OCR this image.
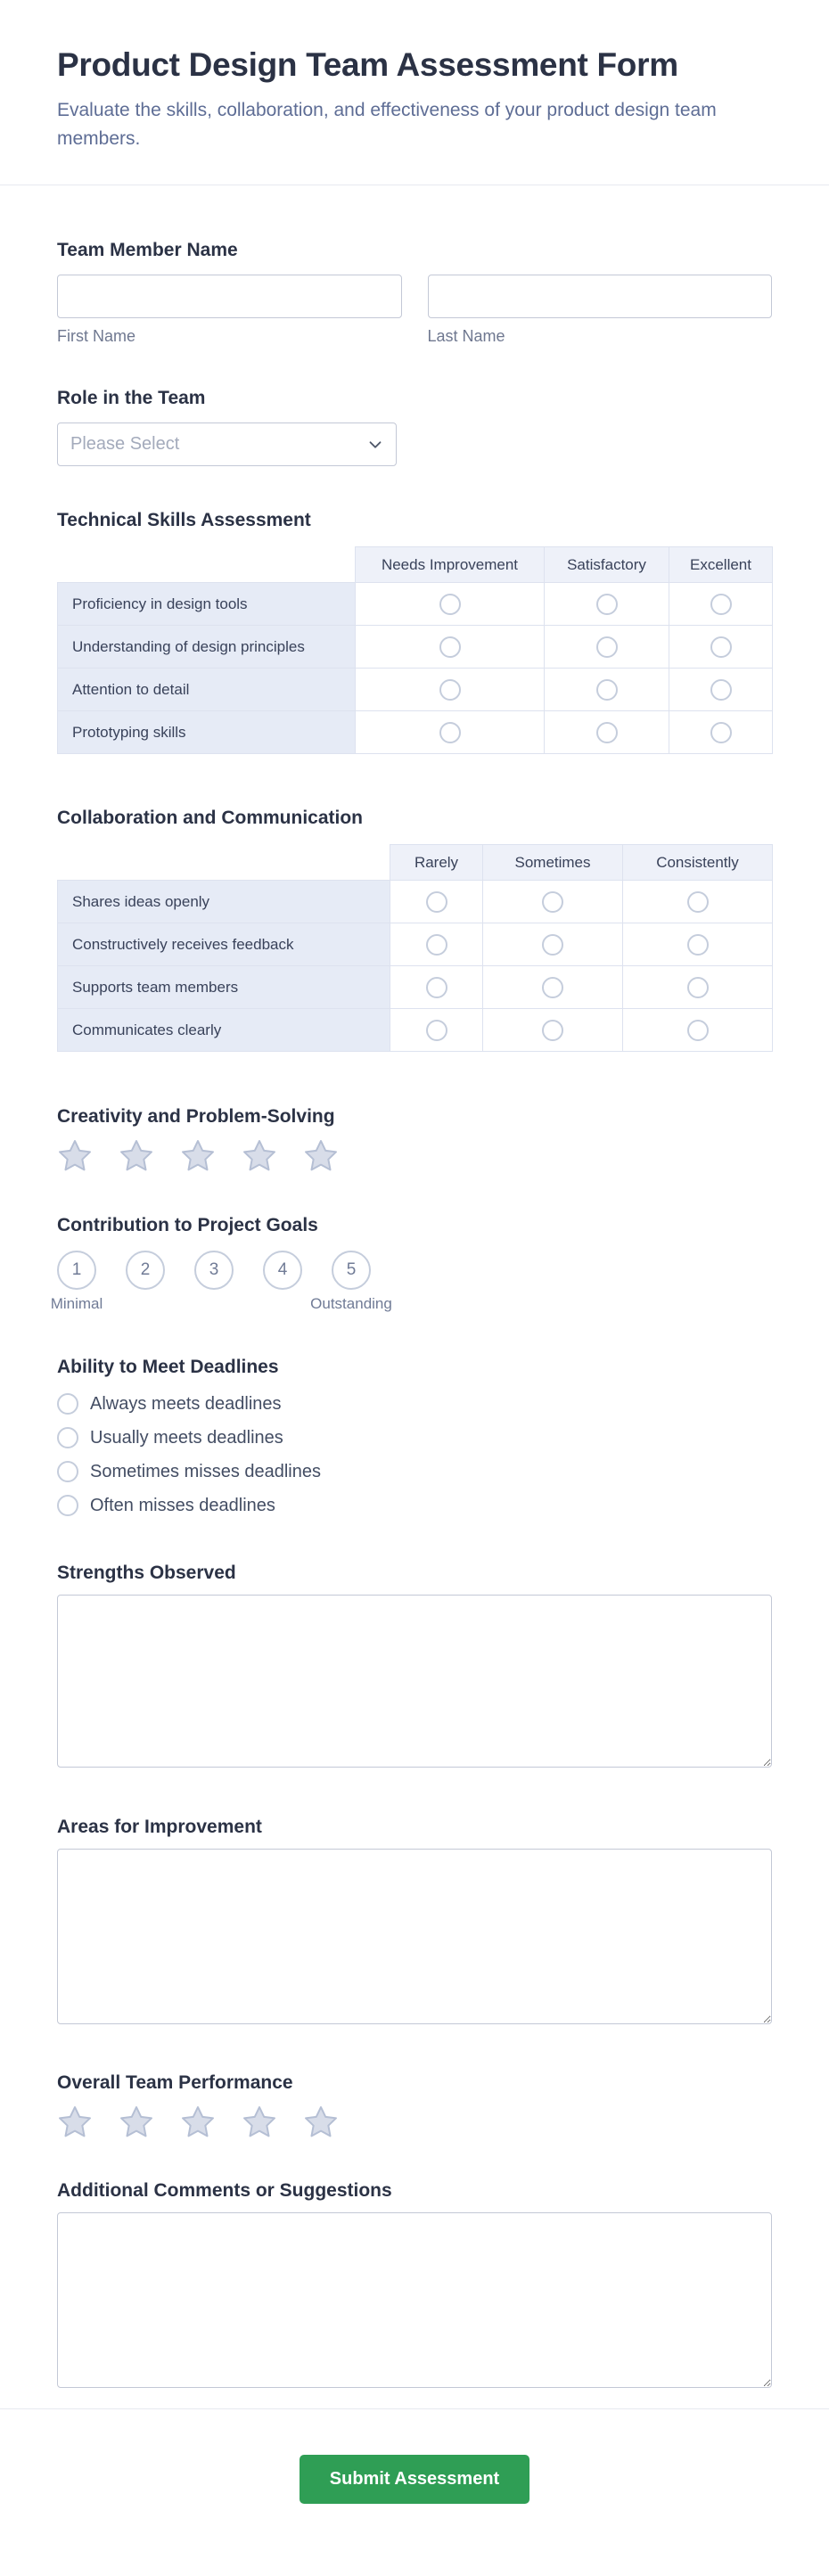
Product Design Team Assessment Form

Evaluate the skills, collaboration, and effectiveness of your product design team members.

Team Member Name
First Name	Last Name
Role in the Team
Please Select
Technical Skills Assessment
	Needs Improvement	Satisfactory	Excellent
Proficiency in design tools			
Understanding of design principles			
Attention to detail			
Prototyping skills			
Collaboration and Communication
	Rarely	Sometimes	Consistently
Shares ideas openly			
Constructively receives feedback			
Supports team members			
Communicates clearly			
Creativity and Problem-Solving
Contribution to Project Goals
1
Minimal
2	3	4	5
Outstanding
Ability to Meet Deadlines
Always meets deadlines
Usually meets deadlines
Sometimes misses deadlines
Often misses deadlines
Strengths Observed
Areas for Improvement
Overall Team Performance
Additional Comments or Suggestions
Submit Assessment
